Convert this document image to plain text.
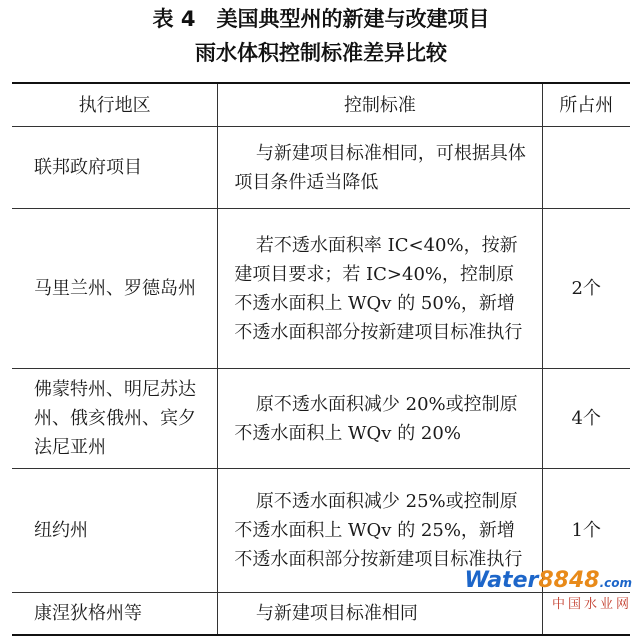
表 4　美国典型州的新建与改建项目
雨水体积控制标准差异比较
执行地区	控制标准	所占州
联邦政府项目	与新建项目标准相同，可根据具体项目条件适当降低	
马里兰州、罗德岛州	若不透水面积率 IC<40%，按新建项目要求；若 IC>40%，控制原不透水面积上 WQv 的 50%，新增不透水面积部分按新建项目标准执行	2个
佛蒙特州、明尼苏达州、俄亥俄州、宾夕法尼亚州	原不透水面积减少 20%或控制原不透水面积上 WQv 的 20%	4个
纽约州	原不透水面积减少 25%或控制原不透水面积上 WQv 的 25%，新增不透水面积部分按新建项目标准执行	1个
康涅狄格州等	与新建项目标准相同	
Water8848.com
中国水业网
